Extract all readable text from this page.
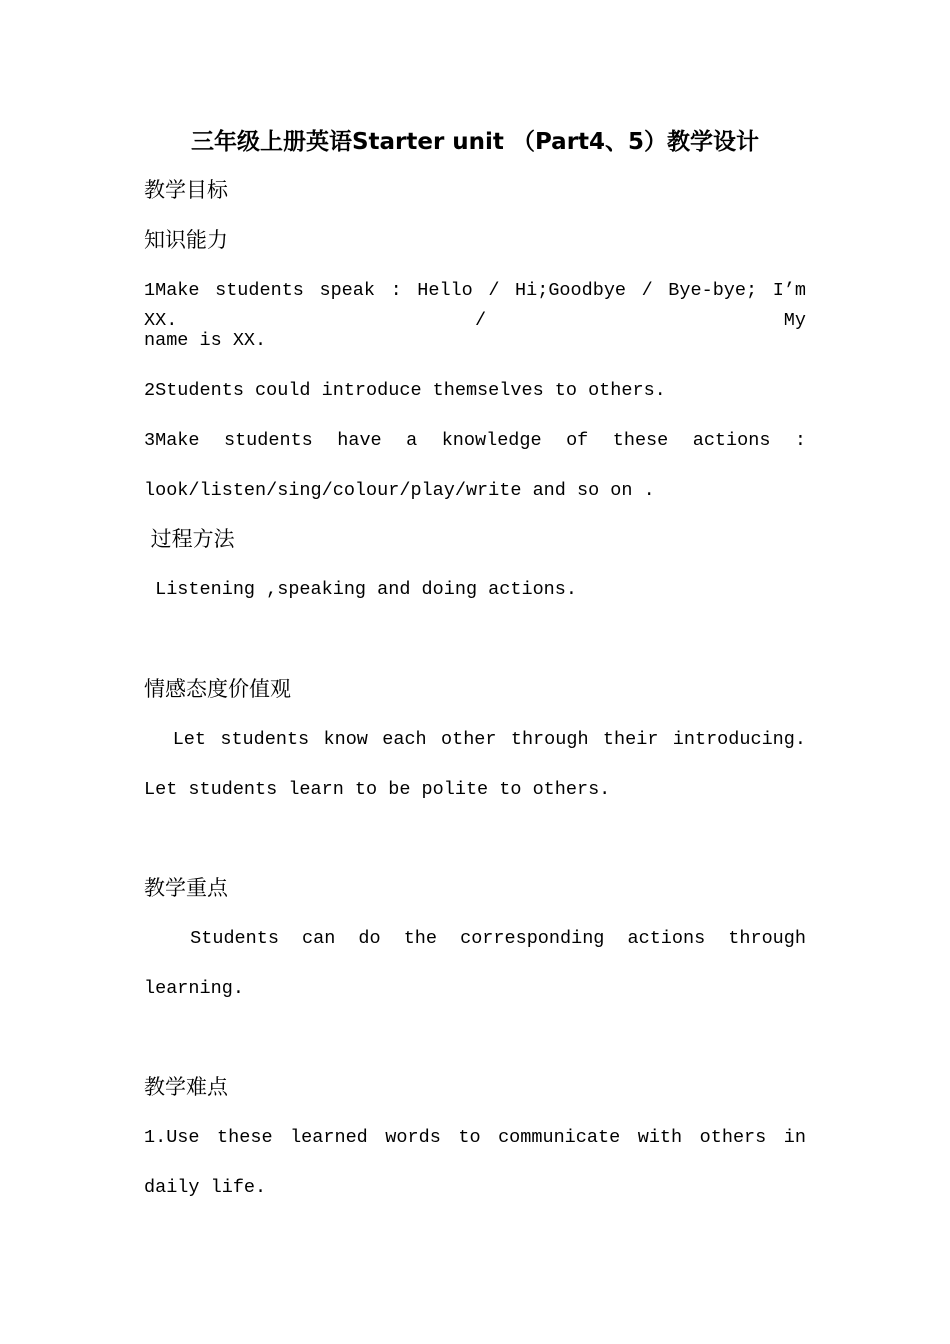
三年级上册英语Starter unit （Part4、5）教学设计
教学目标
知识能力
1Make students speak : Hello / Hi;Goodbye / Bye-bye; I’m XX. / My
name is XX.
2Students could introduce themselves to others.
3Make students have a knowledge of these actions :
look/listen/sing/colour/play/write and so on .
过程方法
Listening ,speaking and doing actions.
情感态度价值观
Let students know each other through their introducing.
Let students learn to be polite to others.
教学重点
Students can do the corresponding actions through
learning.
教学难点
1.Use these learned words to communicate with others in
daily life.
